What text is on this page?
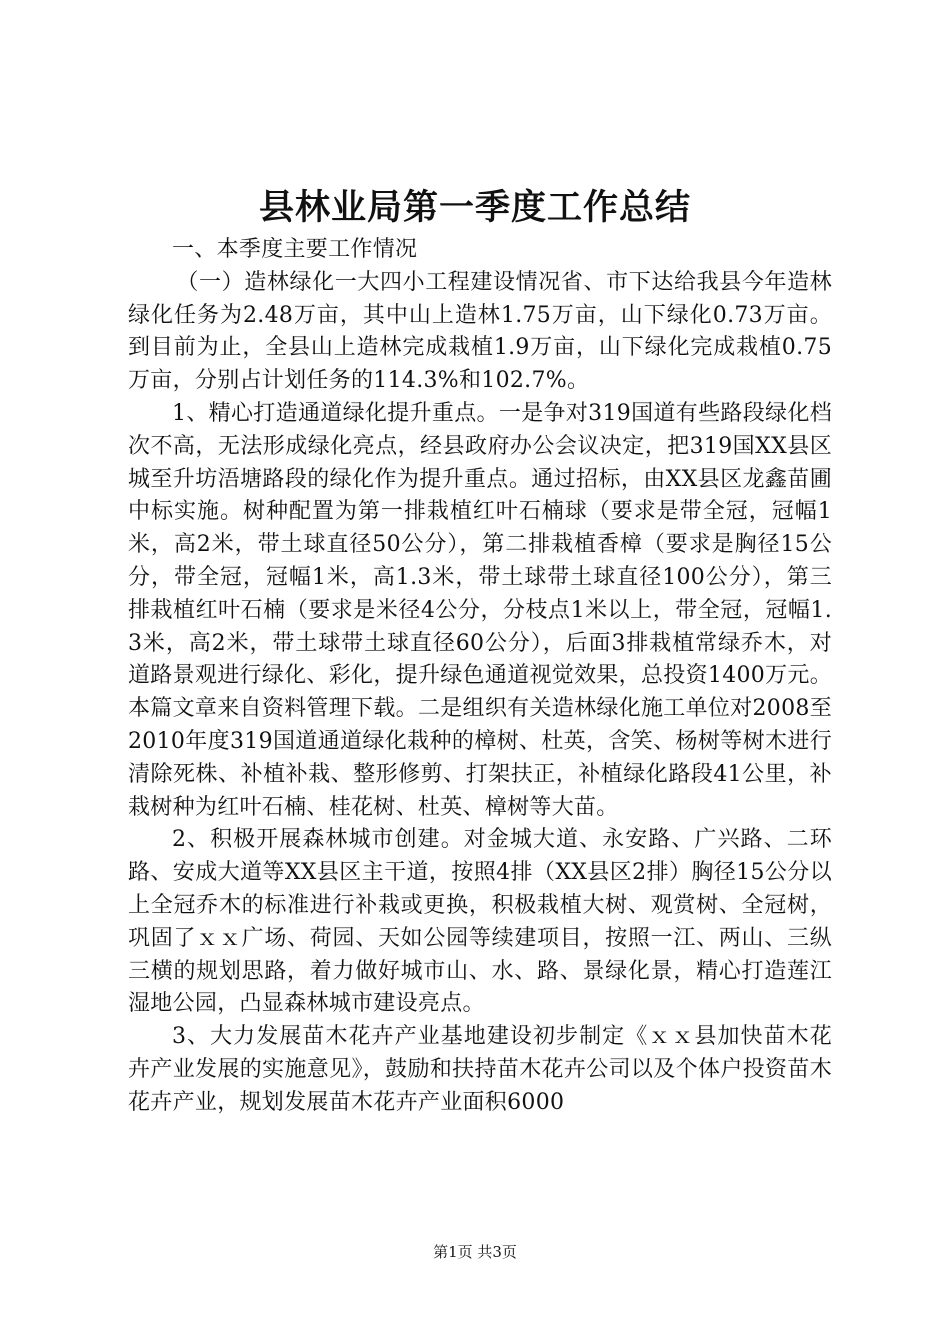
县林业局第一季度工作总结

一、本季度主要工作情况

（一）造林绿化一大四小工程建设情况省、市下达给我县今年造林绿化任务为2.48万亩，其中山上造林1.75万亩，山下绿化0.73万亩。到目前为止，全县山上造林完成栽植1.9万亩，山下绿化完成栽植0.75万亩，分别占计划任务的114.3%和102.7%。

1、精心打造通道绿化提升重点。一是争对319国道有些路段绿化档次不高，无法形成绿化亮点，经县政府办公会议决定，把319国XX县区城至升坊浯塘路段的绿化作为提升重点。通过招标，由XX县区龙鑫苗圃中标实施。树种配置为第一排栽植红叶石楠球（要求是带全冠，冠幅1米，高2米，带土球直径50公分），第二排栽植香樟（要求是胸径15公分，带全冠，冠幅1米，高1.3米，带土球带土球直径100公分），第三排栽植红叶石楠（要求是米径4公分，分枝点1米以上，带全冠，冠幅1.3米，高2米，带土球带土球直径60公分），后面3排栽植常绿乔木，对道路景观进行绿化、彩化，提升绿色通道视觉效果，总投资1400万元。本篇文章来自资料管理下载。二是组织有关造林绿化施工单位对2008至2010年度319国道通道绿化栽种的樟树、杜英，含笑、杨树等树木进行清除死株、补植补栽、整形修剪、打架扶正，补植绿化路段41公里，补栽树种为红叶石楠、桂花树、杜英、樟树等大苗。

2、积极开展森林城市创建。对金城大道、永安路、广兴路、二环路、安成大道等XX县区主干道，按照4排（XX县区2排）胸径15公分以上全冠乔木的标准进行补栽或更换，积极栽植大树、观赏树、全冠树，巩固了ｘｘ广场、荷园、天如公园等续建项目，按照一江、两山、三纵三横的规划思路，着力做好城市山、水、路、景绿化景，精心打造莲江湿地公园，凸显森林城市建设亮点。

3、大力发展苗木花卉产业基地建设初步制定《ｘｘ县加快苗木花卉产业发展的实施意见》，鼓励和扶持苗木花卉公司以及个体户投资苗木花卉产业，规划发展苗木花卉产业面积6000

第1页 共3页
